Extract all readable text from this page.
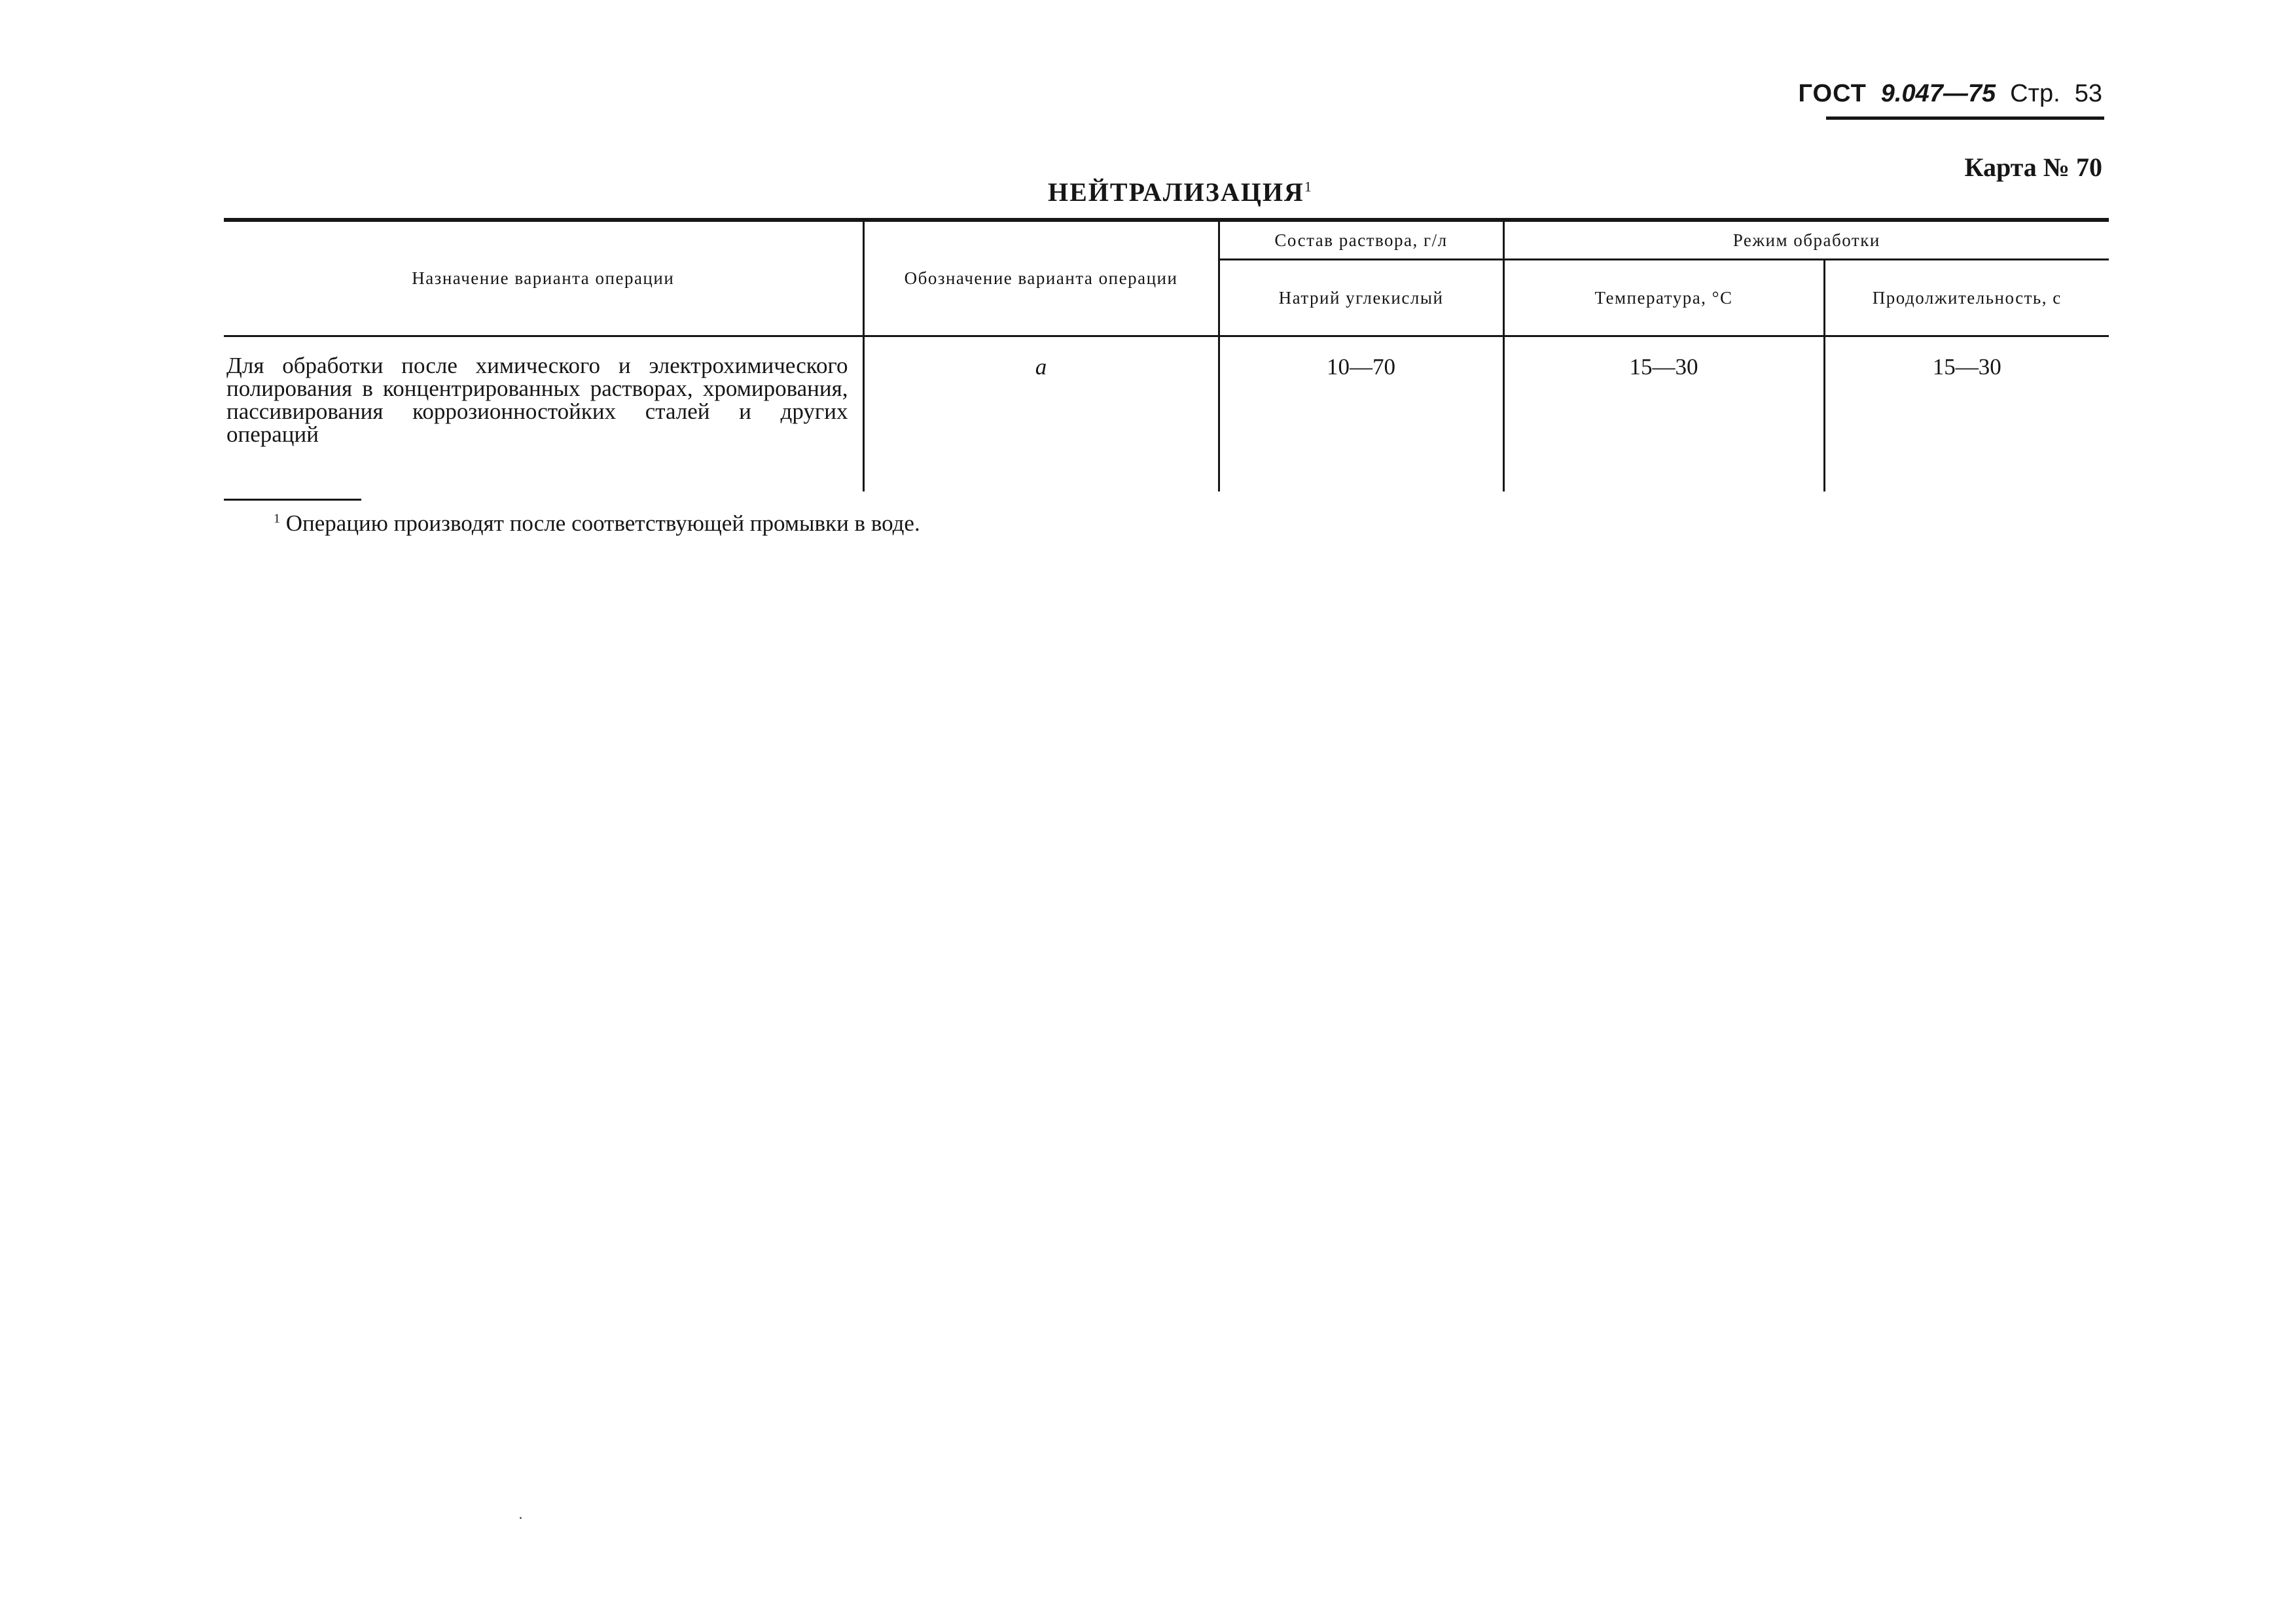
ГОСТ 9.047—75 Стр. 53
Карта № 70
НЕЙТРАЛИЗАЦИЯ$^1$
Назначение варианта операции	Обозначение варианта операции	Состав раствора, г/л	Режим обработки	
		Натрий углекислый	Температура, °С	Продолжительность, с
Для обработки после химического и электрохимического полирования в концентрированных растворах, хромирования, пассивирования коррозионностойких сталей и других операций	а	10—70	15—30	15—30
$^1$ Операцию производят после соответствующей промывки в воде.
